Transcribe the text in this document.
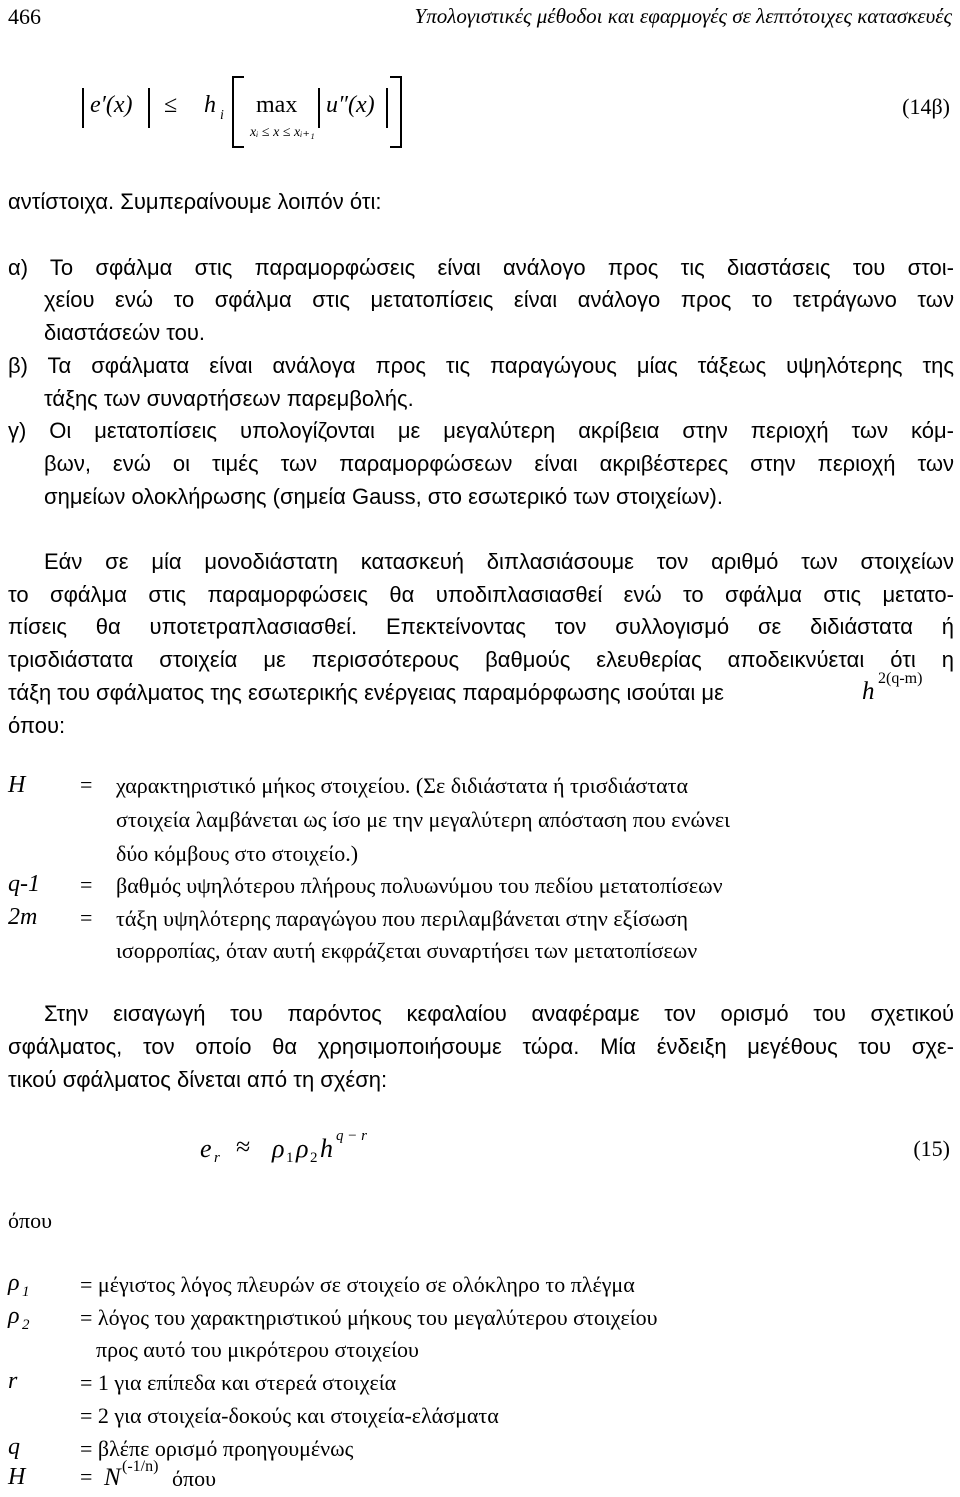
466	Υπολογιστικές μέθοδοι και εφαρμογές σε λεπτότοιχες κατασκευές
e′(x) ≤ h i max
xᵢ ≤ x ≤ xᵢ₊₁
u″(x)	(14β)
αντίστοιχα. Συμπεραίνουμε λοιπόν ότι:
α) Το σφάλμα στις παραμορφώσεις είναι ανάλογο προς τις διαστάσεις του στοι-
χείου ενώ το σφάλμα στις μετατοπίσεις είναι ανάλογο προς το τετράγωνο των
διαστάσεών του.
β) Τα σφάλματα είναι ανάλογα προς τις παραγώγους μίας τάξεως υψηλότερης της
τάξης των συναρτήσεων παρεμβολής.
γ) Οι μετατοπίσεις υπολογίζονται με μεγαλύτερη ακρίβεια στην περιοχή των κόμ-
βων, ενώ οι τιμές των παραμορφώσεων είναι ακριβέστερες στην περιοχή των
σημείων ολοκλήρωσης (σημεία Gauss, στο εσωτερικό των στοιχείων).
Εάν σε μία μονοδιάστατη κατασκευή διπλασιάσουμε τον αριθμό των στοιχείων
το σφάλμα στις παραμορφώσεις θα υποδιπλασιασθεί ενώ το σφάλμα στις μετατο-
πίσεις θα υποτετραπλασιασθεί. Επεκτείνοντας τον συλλογισμό σε διδιάστατα ή
τρισδιάστατα στοιχεία με περισσότερους βαθμούς ελευθερίας αποδεικνύεται ότι η
τάξη του σφάλματος της εσωτερικής ενέργειας παραμόρφωσης ισούται με	h 2(q-m)
όπου:
H = χαρακτηριστικό μήκος στοιχείου. (Σε διδιάστατα ή τρισδιάστατα
στοιχεία λαμβάνεται ως ίσο με την μεγαλύτερη απόσταση που ενώνει
δύο κόμβους στο στοιχείο.)
q-1 = βαθμός υψηλότερου πλήρους πολυωνύμου του πεδίου μετατοπίσεων
2m = τάξη υψηλότερης παραγώγου που περιλαμβάνεται στην εξίσωση
ισορροπίας, όταν αυτή εκφράζεται συναρτήσει των μετατοπίσεων
Στην εισαγωγή του παρόντος κεφαλαίου αναφέραμε τον ορισμό του σχετικού
σφάλματος, τον οποίο θα χρησιμοποιήσουμε τώρα. Μία ένδειξη μεγέθους του σχε-
τικού σφάλματος δίνεται από τη σχέση:
e r ≈ ρ 1 ρ 2 h q − r	(15)
όπου
ρ 1 = μέγιστος λόγος πλευρών σε στοιχείο σε ολόκληρο το πλέγμα
ρ 2 = λόγος του χαρακτηριστικού μήκους του μεγαλύτερου στοιχείου
προς αυτό του μικρότερου στοιχείου
r	= 1 για επίπεδα και στερεά στοιχεία
= 2 για στοιχεία-δοκούς και στοιχεία-ελάσματα
q	= βλέπε ορισμό προηγουμένως
H = N (-1/n) όπου
